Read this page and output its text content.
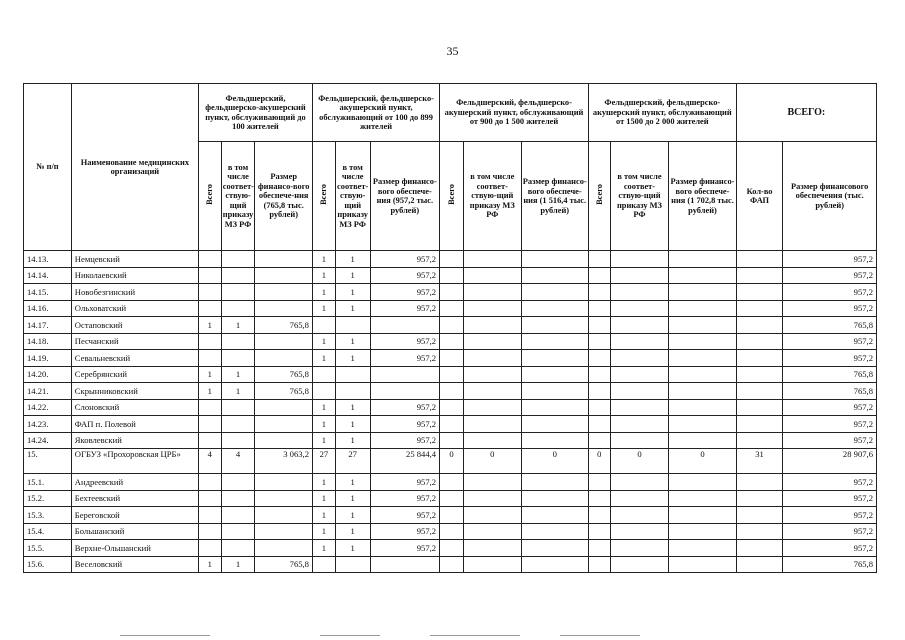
35
№ п/п	Наименование медицинских организаций	Фельдшерский, фельдшерско-акушерский пункт, обслуживающий до 100 жителей			Фельдшерский, фельдшерско-акушерский пункт, обслуживающий от 100 до 899 жителей			Фельдшерский, фельдшерско-акушерский пункт, обслуживающий от 900 до 1 500 жителей			Фельдшерский, фельдшерско-акушерский пункт, обслуживающий от 1500 до 2 000 жителей			ВСЕГО:	
		Всего	в том числе соответ-ствую-щий приказу МЗ РФ	Размер финансо-вого обеспече-ния (765,8 тыс. рублей)	Всего	в том числе соответ-ствую-щий приказу МЗ РФ	Размер финансо-вого обеспече-ния (957,2 тыс. рублей)	Всего	в том числе соответ-ствую-щий приказу МЗ РФ	Размер финансо-вого обеспече-ния (1 516,4 тыс. рублей)	Всего	в том числе соответ-ствую-щий приказу МЗ РФ	Размер финансо-вого обеспече-ния (1 702,8 тыс. рублей)	Кол-во ФАП	Размер финансового обеспечения (тыс. рублей)
14.13.	Немцевский				1	1	957,2								957,2
14.14.	Николаевский				1	1	957,2								957,2
14.15.	Новобезгинский				1	1	957,2								957,2
14.16.	Ольховатский				1	1	957,2								957,2
14.17.	Остаповский	1	1	765,8											765,8
14.18.	Песчанский				1	1	957,2								957,2
14.19.	Севальневский				1	1	957,2								957,2
14.20.	Серебрянский	1	1	765,8											765,8
14.21.	Скрынниковский	1	1	765,8											765,8
14.22.	Слоновский				1	1	957,2								957,2
14.23.	ФАП п. Полевой				1	1	957,2								957,2
14.24.	Яковлевский				1	1	957,2								957,2
15.	ОГБУЗ «Прохоровская ЦРБ»	4	4	3 063,2	27	27	25 844,4	0	0	0	0	0	0	31	28 907,6
15.1.	Андреевский				1	1	957,2								957,2
15.2.	Бехтеевский				1	1	957,2								957,2
15.3.	Береговской				1	1	957,2								957,2
15.4.	Большанский				1	1	957,2								957,2
15.5.	Верхне-Ольшанский				1	1	957,2								957,2
15.6.	Веселовский	1	1	765,8											765,8
